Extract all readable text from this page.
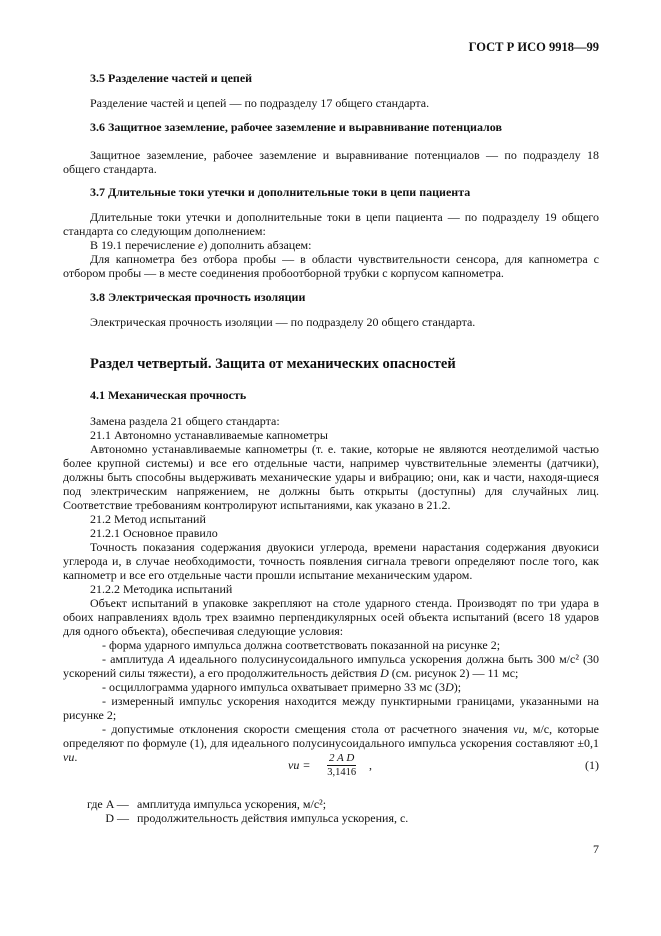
ГОСТ Р ИСО 9918—99
3.5 Разделение частей и цепей

Разделение частей и цепей — по подразделу 17 общего стандарта.

3.6 Защитное заземление, рабочее заземление и выравнивание потенциалов

Защитное заземление, рабочее заземление и выравнивание потенциалов — по подразделу 18 общего стандарта.

3.7 Длительные токи утечки и дополнительные токи в цепи пациента

Длительные токи утечки и дополнительные токи в цепи пациента — по подразделу 19 общего стандарта со следующим дополнением:

В 19.1 перечисление е) дополнить абзацем:

Для капнометра без отбора пробы — в области чувствительности сенсора, для капнометра с отбором пробы — в месте соединения пробоотборной трубки с корпусом капнометра.

3.8 Электрическая прочность изоляции

Электрическая прочность изоляции — по подразделу 20 общего стандарта.

Раздел четвертый. Защита от механических опасностей
4.1 Механическая прочность

Замена раздела 21 общего стандарта:

21.1 Автономно устанавливаемые капнометры

Автономно устанавливаемые капнометры (т. е. такие, которые не являются неотделимой частью более крупной системы) и все его отдельные части, например чувствительные элементы (датчики), должны быть способны выдерживать механические удары и вибрацию; они, как и части, находя-щиеся под электрическим напряжением, не должны быть открыты (доступны) для случайных лиц. Соответствие требованиям контролируют испытаниями, как указано в 21.2.

21.2 Метод испытаний

21.2.1 Основное правило

Точность показания содержания двуокиси углерода, времени нарастания содержания двуокиси углерода и, в случае необходимости, точность появления сигнала тревоги определяют после того, как капнометр и все его отдельные части прошли испытание механическим ударом.

21.2.2 Методика испытаний

Объект испытаний в упаковке закрепляют на столе ударного стенда. Производят по три удара в обоих направлениях вдоль трех взаимно перпендикулярных осей объекта испытаний (всего 18 ударов для одного объекта), обеспечивая следующие условия:

- форма ударного импульса должна соответствовать показанной на рисунке 2;

- амплитуда A идеального полусинусоидального импульса ускорения должна быть 300 м/с² (30 ускорений силы тяжести), а его продолжительность действия D (см. рисунок 2) — 11 мс;

- осциллограмма ударного импульса охватывает примерно 33 мс (3D);

- измеренный импульс ускорения находится между пунктирными границами, указанными на рисунке 2;

- допустимые отклонения скорости смещения стола от расчетного значения vи, м/с, которые определяют по формуле (1), для идеального полусинусоидального импульса ускорения составляют ±0,1 vи.

vи = $\frac{\text{2 A D}}{3,1416}$ ,	(1)
где A — амплитуда импульса ускорения, м/с²;
D — продолжительность действия импульса ускорения, с.
7
